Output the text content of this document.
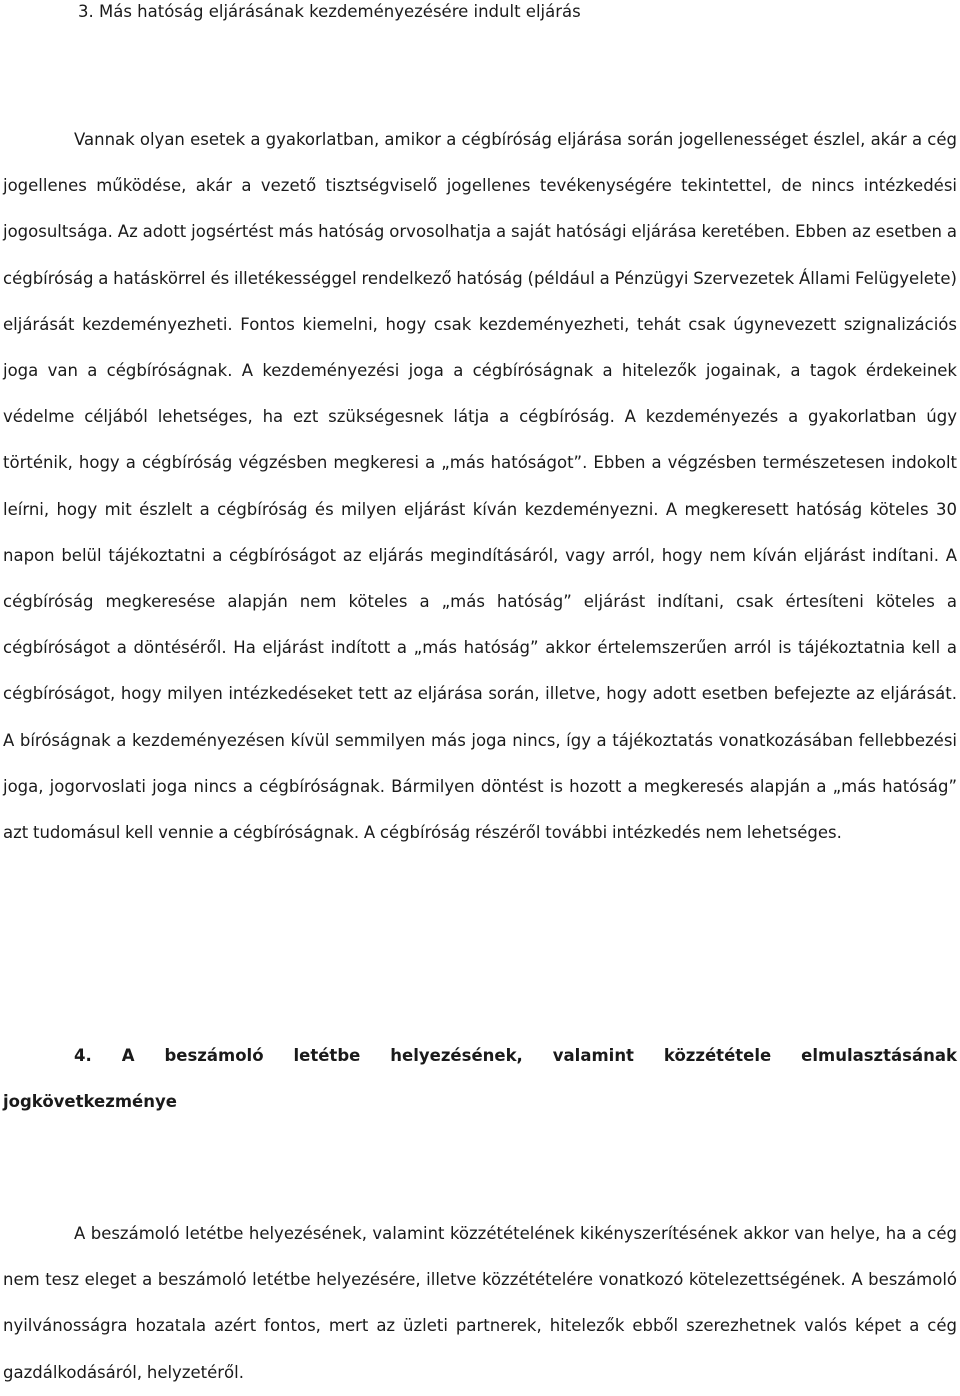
3. Más hatóság eljárásának kezdeményezésére indult eljárás

Vannak olyan esetek a gyakorlatban, amikor a cégbíróság eljárása során jogellenességet észlel, akár a cég jogellenes működése, akár a vezető tisztségviselő jogellenes tevékenységére tekintettel, de nincs intézkedési jogosultsága. Az adott jogsértést más hatóság orvosolhatja a saját hatósági eljárása keretében. Ebben az esetben a cégbíróság a hatáskörrel és illetékességgel rendelkező hatóság (például a Pénzügyi Szervezetek Állami Felügyelete) eljárását kezdeményezheti. Fontos kiemelni, hogy csak kezdeményezheti, tehát csak úgynevezett szignalizációs joga van a cégbíróságnak. A kezdeményezési joga a cégbíróságnak a hitelezők jogainak, a tagok érdekeinek védelme céljából lehetséges, ha ezt szükségesnek látja a cégbíróság. A kezdeményezés a gyakorlatban úgy történik, hogy a cégbíróság végzésben megkeresi a „más hatóságot”. Ebben a végzésben természetesen indokolt leírni, hogy mit észlelt a cégbíróság és milyen eljárást kíván kezdeményezni. A megkeresett hatóság köteles 30 napon belül tájékoztatni a cégbíróságot az eljárás megindításáról, vagy arról, hogy nem kíván eljárást indítani. A cégbíróság megkeresése alapján nem köteles a „más hatóság” eljárást indítani, csak értesíteni köteles a cégbíróságot a döntéséről. Ha eljárást indított a „más hatóság” akkor értelemszerűen arról is tájékoztatnia kell a cégbíróságot, hogy milyen intézkedéseket tett az eljárása során, illetve, hogy adott esetben befejezte az eljárását. A bíróságnak a kezdeményezésen kívül semmilyen más joga nincs, így a tájékoztatás vonatkozásában fellebbezési joga, jogorvoslati joga nincs a cégbíróságnak. Bármilyen döntést is hozott a megkeresés alapján a „más hatóság” azt tudomásul kell vennie a cégbíróságnak. A cégbíróság részéről további intézkedés nem lehetséges.

4. A beszámoló letétbe helyezésének, valamint közzététele elmulasztásának jogkövetkezménye

A beszámoló letétbe helyezésének, valamint közzétételének kikényszerítésének akkor van helye, ha a cég nem tesz eleget a beszámoló letétbe helyezésére, illetve közzétételére vonatkozó kötelezettségének. A beszámoló nyilvánosságra hozatala azért fontos, mert az üzleti partnerek, hitelezők ebből szerezhetnek valós képet a cég gazdálkodásáról, helyzetéről.
